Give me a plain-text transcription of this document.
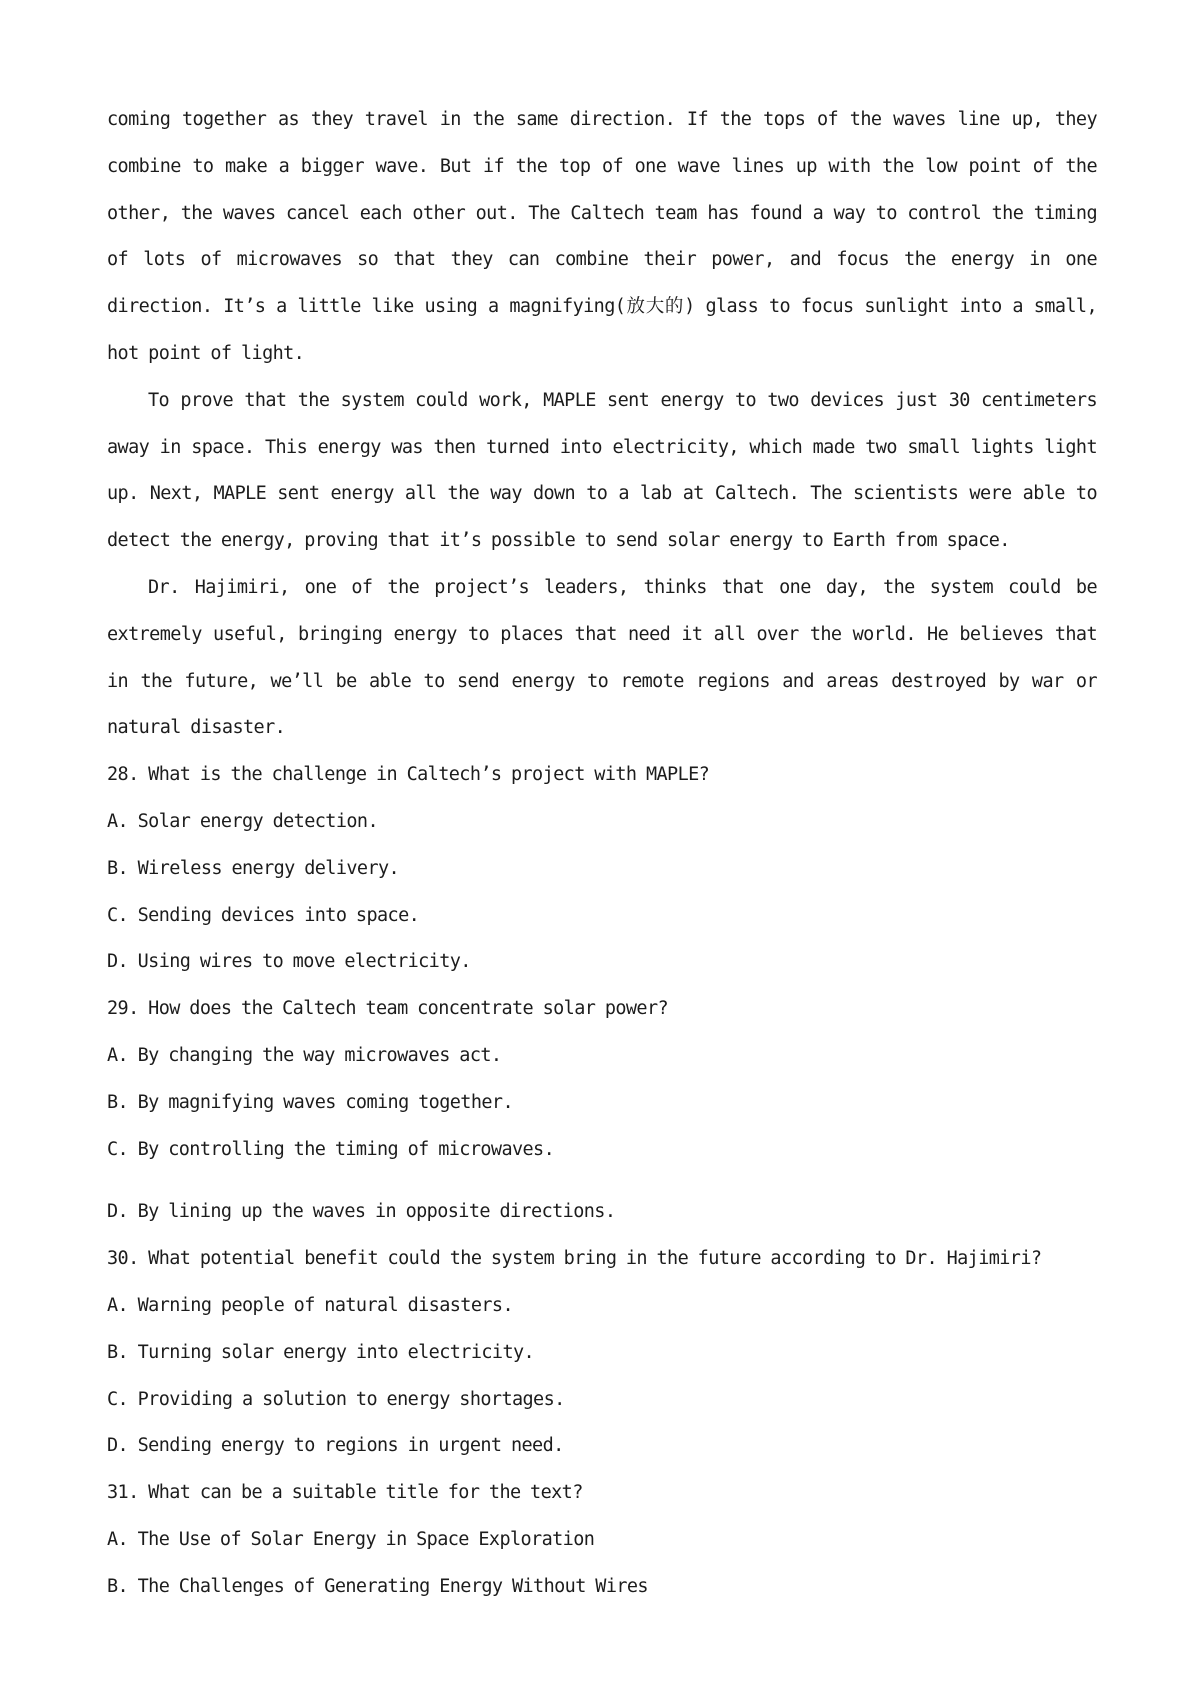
coming together as they travel in the same direction. If the tops of the waves line up, they combine to make a bigger wave. But if the top of one wave lines up with the low point of the other, the waves cancel each other out. The Caltech team has found a way to control the timing of lots of microwaves so that they can combine their power, and focus the energy in one direction. It’s a little like using a magnifying(放大的) glass to focus sunlight into a small, hot point of light.

To prove that the system could work, MAPLE sent energy to two devices just 30 centimeters away in space. This energy was then turned into electricity, which made two small lights light up. Next, MAPLE sent energy all the way down to a lab at Caltech. The scientists were able to detect the energy, proving that it’s possible to send solar energy to Earth from space.

Dr. Hajimiri, one of the project’s leaders, thinks that one day, the system could be extremely useful, bringing energy to places that need it all over the world. He believes that in the future, we’ll be able to send energy to remote regions and areas destroyed by war or natural disaster.

28. What is the challenge in Caltech’s project with MAPLE?

A. Solar energy detection.

B. Wireless energy delivery.

C. Sending devices into space.

D. Using wires to move electricity.

29. How does the Caltech team concentrate solar power?

A. By changing the way microwaves act.

B. By magnifying waves coming together.

C. By controlling the timing of microwaves.

D. By lining up the waves in opposite directions.

30. What potential benefit could the system bring in the future according to Dr. Hajimiri?

A. Warning people of natural disasters.

B. Turning solar energy into electricity.

C. Providing a solution to energy shortages.

D. Sending energy to regions in urgent need.

31. What can be a suitable title for the text?

A. The Use of Solar Energy in Space Exploration

B. The Challenges of Generating Energy Without Wires
